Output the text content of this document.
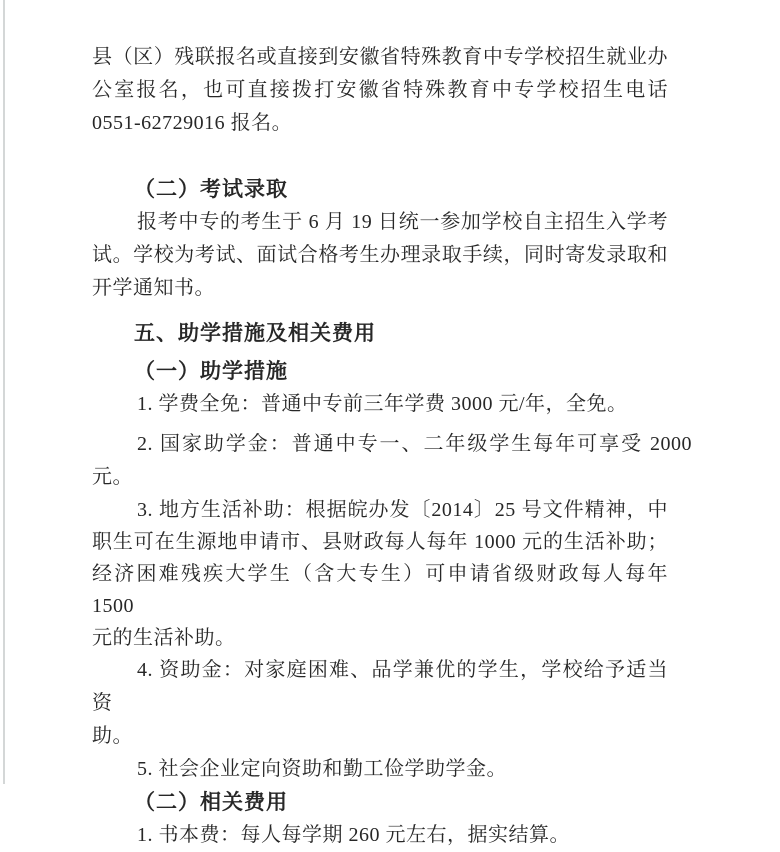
县（区）残联报名或直接到安徽省特殊教育中专学校招生就业办
公室报名，也可直接拨打安徽省特殊教育中专学校招生电话
0551-62729016 报名。
（二）考试录取
报考中专的考生于 6 月 19 日统一参加学校自主招生入学考
试。学校为考试、面试合格考生办理录取手续，同时寄发录取和
开学通知书。
五、助学措施及相关费用
（一）助学措施
1. 学费全免：普通中专前三年学费 3000 元/年，全免。
2. 国家助学金：普通中专一、二年级学生每年可享受 2000
元。
3. 地方生活补助：根据皖办发〔2014〕25 号文件精神，中
职生可在生源地申请市、县财政每人每年 1000 元的生活补助；
经济困难残疾大学生（含大专生）可申请省级财政每人每年 1500
元的生活补助。
4. 资助金：对家庭困难、品学兼优的学生，学校给予适当资
助。
5. 社会企业定向资助和勤工俭学助学金。
（二）相关费用
1. 书本费：每人每学期 260 元左右，据实结算。
